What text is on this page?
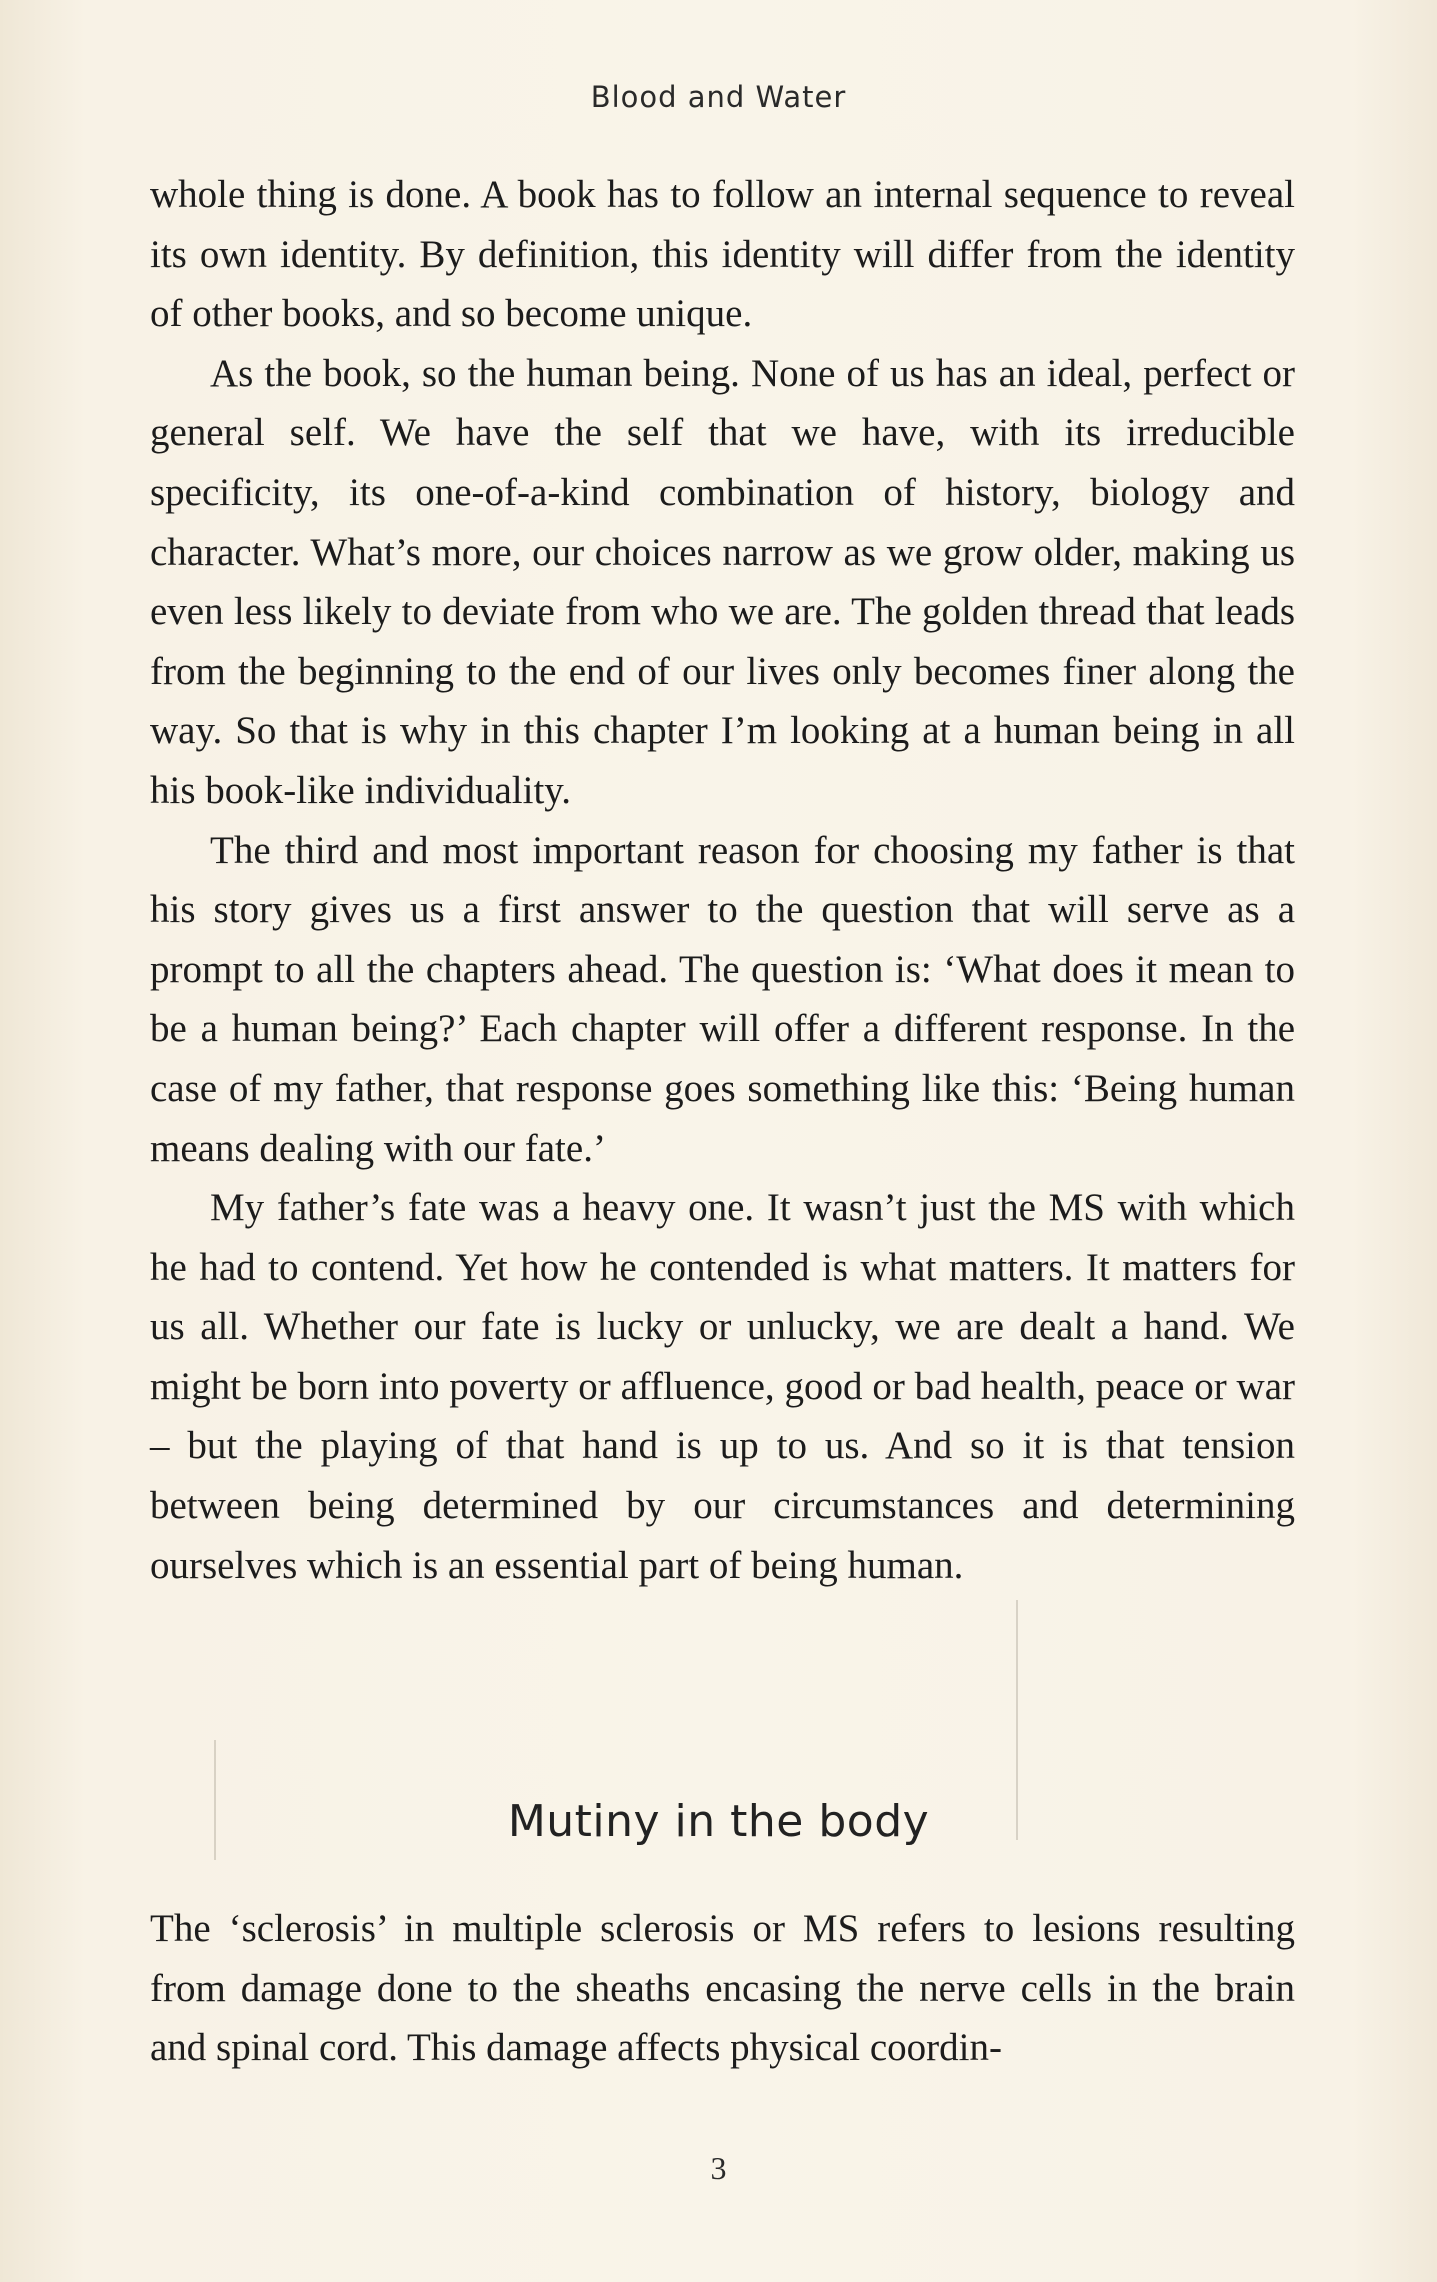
Blood and Water

whole thing is done. A book has to follow an internal sequence to reveal its own identity. By definition, this identity will differ from the identity of other books, and so become unique.

As the book, so the human being. None of us has an ideal, perfect or general self. We have the self that we have, with its irreducible specificity, its one-of-a-kind combination of history, biology and character. What’s more, our choices narrow as we grow older, making us even less likely to deviate from who we are. The golden thread that leads from the beginning to the end of our lives only becomes finer along the way. So that is why in this chapter I’m looking at a human being in all his book-like individuality.

The third and most important reason for choosing my father is that his story gives us a first answer to the question that will serve as a prompt to all the chapters ahead. The question is: ‘What does it mean to be a human being?’ Each chapter will offer a different response. In the case of my father, that response goes something like this: ‘Being human means dealing with our fate.’

My father’s fate was a heavy one. It wasn’t just the MS with which he had to contend. Yet how he contended is what matters. It matters for us all. Whether our fate is lucky or unlucky, we are dealt a hand. We might be born into poverty or affluence, good or bad health, peace or war – but the playing of that hand is up to us. And so it is that tension between being determined by our circumstances and determining ourselves which is an essential part of being human.

Mutiny in the body

The ‘sclerosis’ in multiple sclerosis or MS refers to lesions resulting from damage done to the sheaths encasing the nerve cells in the brain and spinal cord. This damage affects physical coordin-

3
